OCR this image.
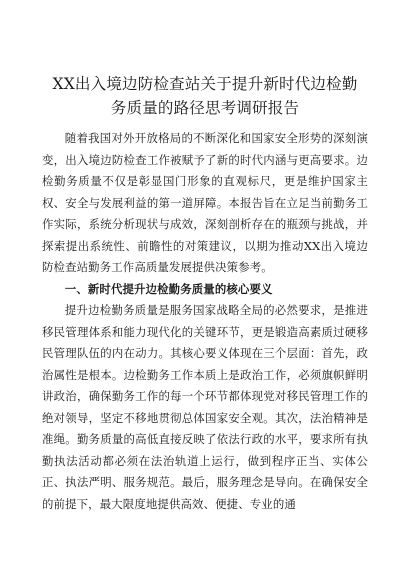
XX出入境边防检查站关于提升新时代边检勤
务质量的路径思考调研报告

随着我国对外开放格局的不断深化和国家安全形势的深刻演变，出入境边防检查工作被赋予了新的时代内涵与更高要求。边检勤务质量不仅是彰显国门形象的直观标尺，更是维护国家主权、安全与发展利益的第一道屏障。本报告旨在立足当前勤务工作实际，系统分析现状与成效，深刻剖析存在的瓶颈与挑战，并探索提出系统性、前瞻性的对策建议，以期为推动XX出入境边防检查站勤务工作高质量发展提供决策参考。

一、新时代提升边检勤务质量的核心要义

提升边检勤务质量是服务国家战略全局的必然要求，是推进移民管理体系和能力现代化的关键环节，更是锻造高素质过硬移民管理队伍的内在动力。其核心要义体现在三个层面：首先，政治属性是根本。边检勤务工作本质上是政治工作，必须旗帜鲜明讲政治，确保勤务工作的每一个环节都体现党对移民管理工作的绝对领导，坚定不移地贯彻总体国家安全观。其次，法治精神是准绳。勤务质量的高低直接反映了依法行政的水平，要求所有执勤执法活动都必须在法治轨道上运行，做到程序正当、实体公正、执法严明、服务规范。最后，服务理念是导向。在确保安全的前提下，最大限度地提供高效、便捷、专业的通
